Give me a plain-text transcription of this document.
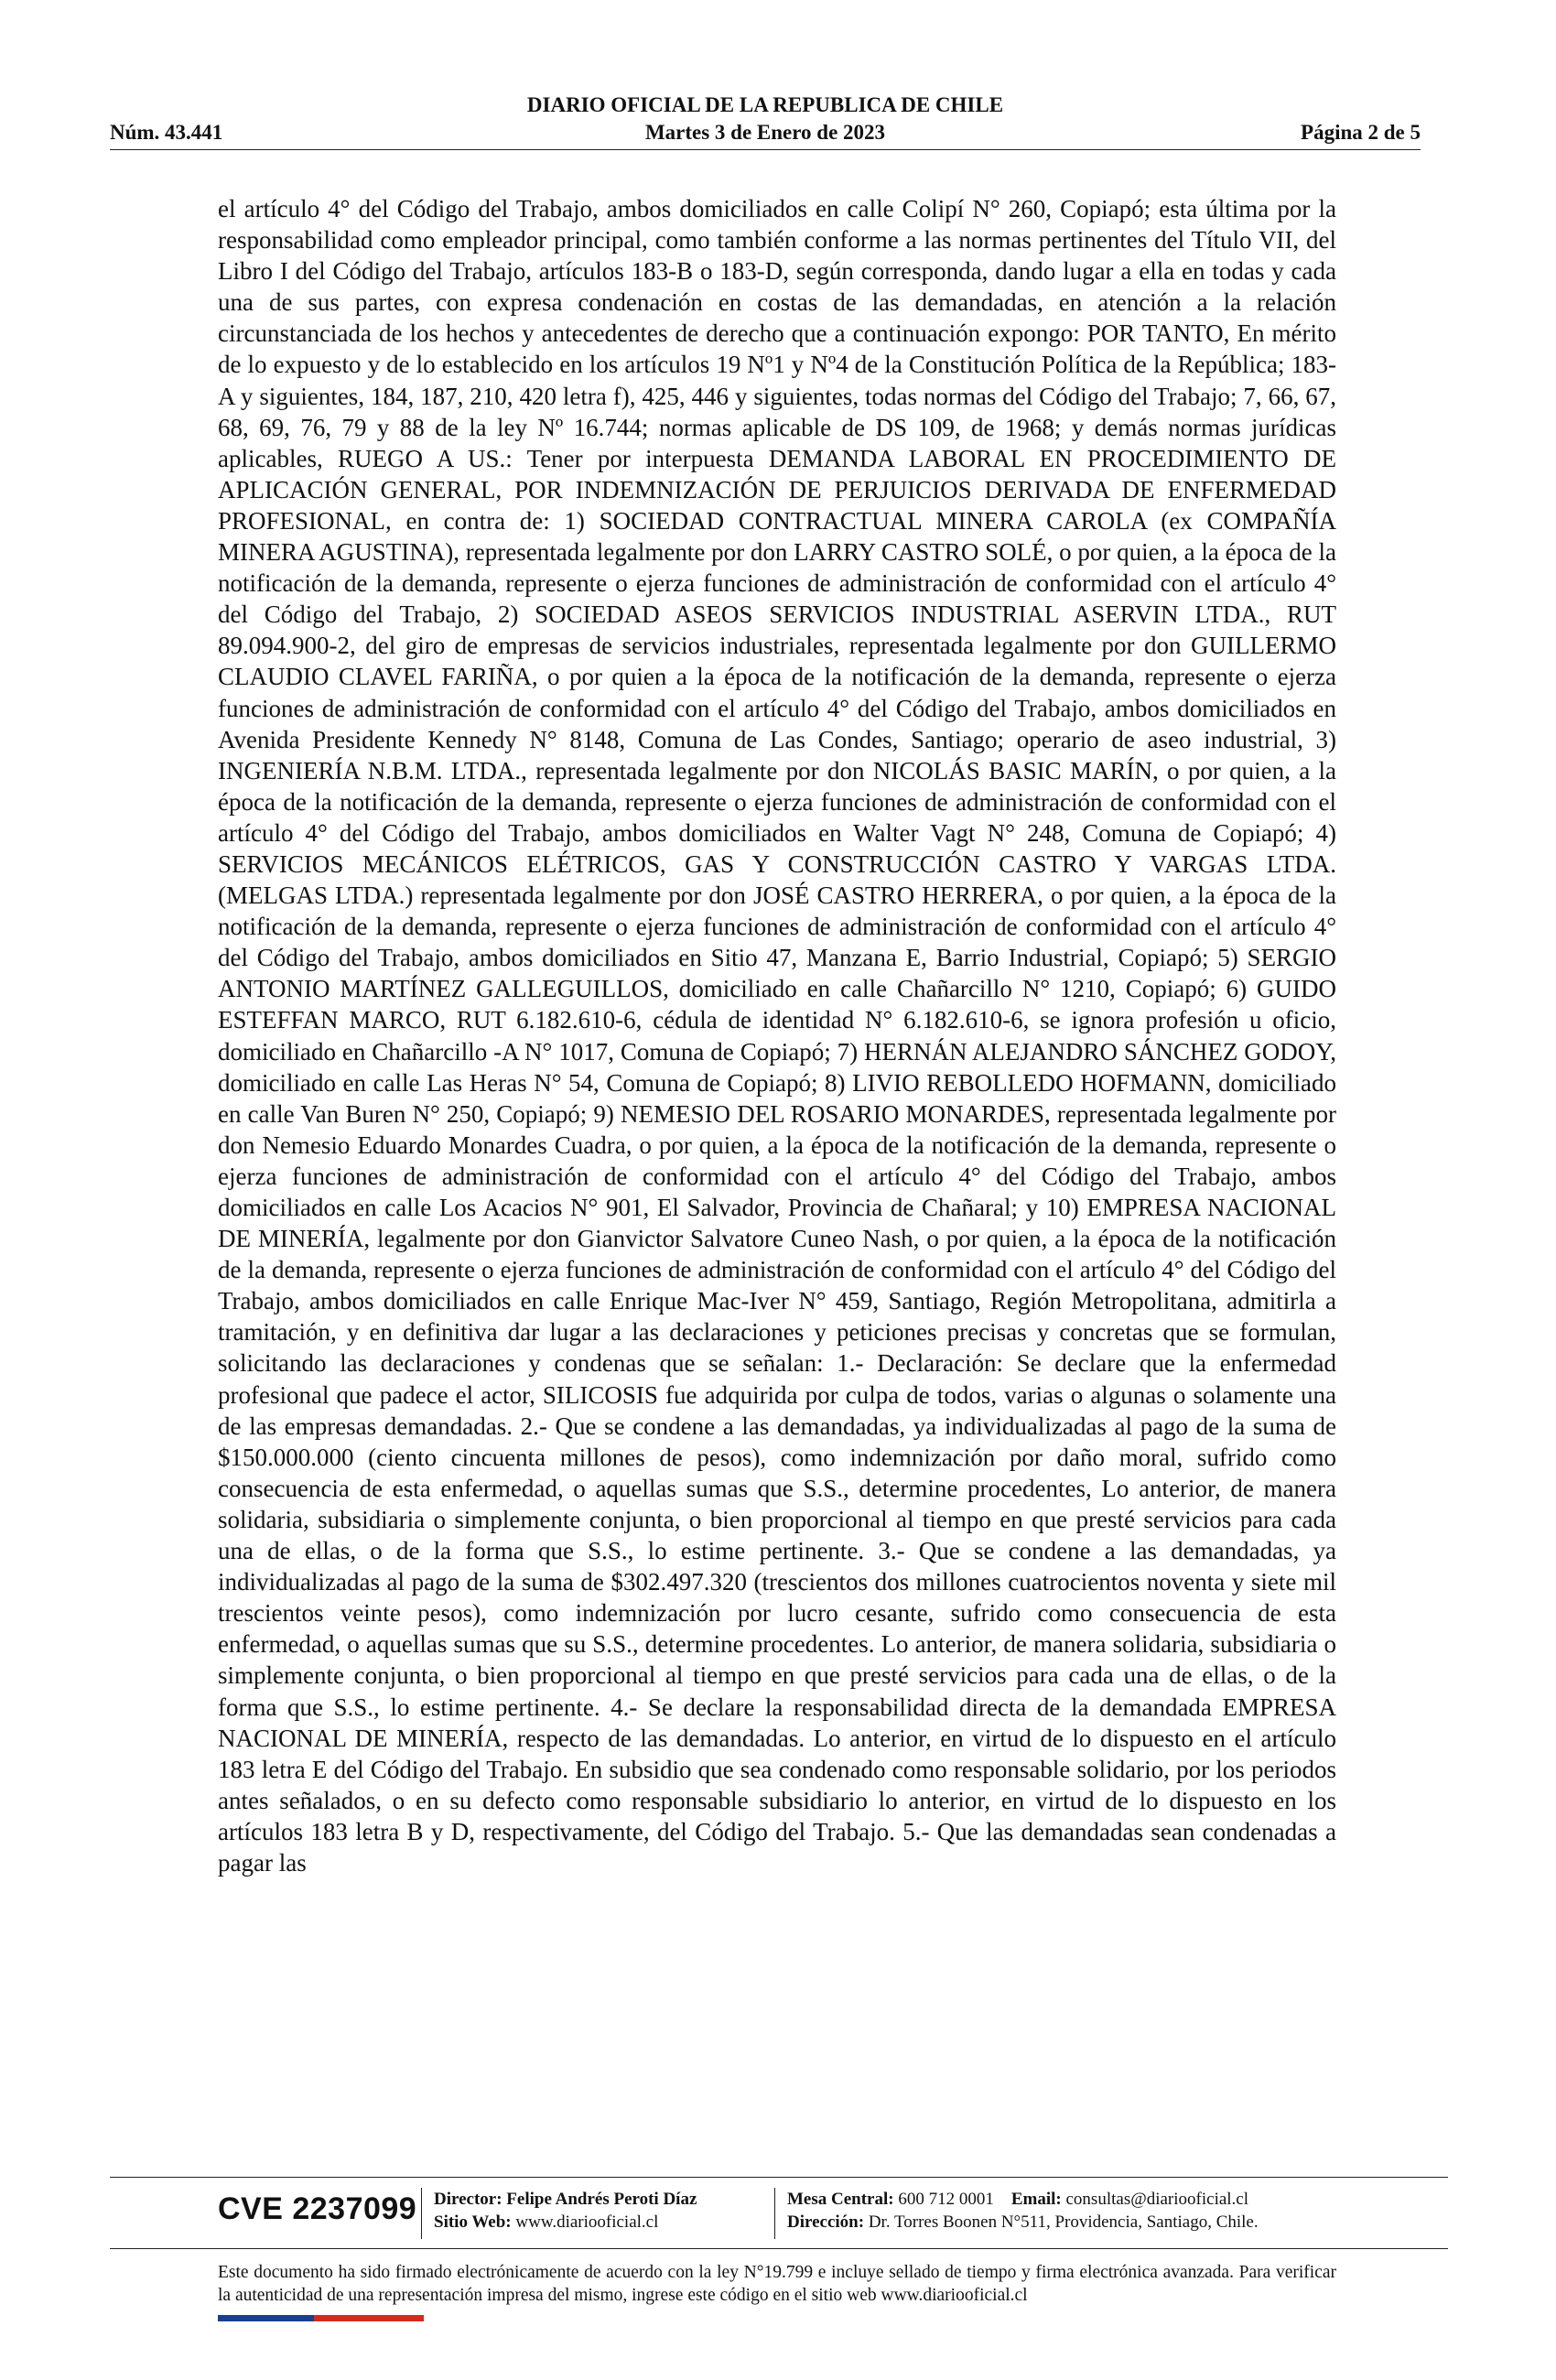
DIARIO OFICIAL DE LA REPUBLICA DE CHILE
Núm. 43.441	Martes 3 de Enero de 2023	Página 2 de 5
el artículo 4° del Código del Trabajo, ambos domiciliados en calle Colipí N° 260, Copiapó; esta última por la responsabilidad como empleador principal, como también conforme a las normas pertinentes del Título VII, del Libro I del Código del Trabajo, artículos 183-B o 183-D, según corresponda, dando lugar a ella en todas y cada una de sus partes, con expresa condenación en costas de las demandadas, en atención a la relación circunstanciada de los hechos y antecedentes de derecho que a continuación expongo: POR TANTO, En mérito de lo expuesto y de lo establecido en los artículos 19 Nº1 y Nº4 de la Constitución Política de la República; 183-A y siguientes, 184, 187, 210, 420 letra f), 425, 446 y siguientes, todas normas del Código del Trabajo; 7, 66, 67, 68, 69, 76, 79 y 88 de la ley Nº 16.744; normas aplicable de DS 109, de 1968; y demás normas jurídicas aplicables, RUEGO A US.: Tener por interpuesta DEMANDA LABORAL EN PROCEDIMIENTO DE APLICACIÓN GENERAL, POR INDEMNIZACIÓN DE PERJUICIOS DERIVADA DE ENFERMEDAD PROFESIONAL, en contra de: 1) SOCIEDAD CONTRACTUAL MINERA CAROLA (ex COMPAÑÍA MINERA AGUSTINA), representada legalmente por don LARRY CASTRO SOLÉ, o por quien, a la época de la notificación de la demanda, represente o ejerza funciones de administración de conformidad con el artículo 4° del Código del Trabajo, 2) SOCIEDAD ASEOS SERVICIOS INDUSTRIAL ASERVIN LTDA., RUT 89.094.900-2, del giro de empresas de servicios industriales, representada legalmente por don GUILLERMO CLAUDIO CLAVEL FARIÑA, o por quien a la época de la notificación de la demanda, represente o ejerza funciones de administración de conformidad con el artículo 4° del Código del Trabajo, ambos domiciliados en Avenida Presidente Kennedy N° 8148, Comuna de Las Condes, Santiago; operario de aseo industrial, 3) INGENIERÍA N.B.M. LTDA., representada legalmente por don NICOLÁS BASIC MARÍN, o por quien, a la época de la notificación de la demanda, represente o ejerza funciones de administración de conformidad con el artículo 4° del Código del Trabajo, ambos domiciliados en Walter Vagt N° 248, Comuna de Copiapó; 4) SERVICIOS MECÁNICOS ELÉTRICOS, GAS Y CONSTRUCCIÓN CASTRO Y VARGAS LTDA. (MELGAS LTDA.) representada legalmente por don JOSÉ CASTRO HERRERA, o por quien, a la época de la notificación de la demanda, represente o ejerza funciones de administración de conformidad con el artículo 4° del Código del Trabajo, ambos domiciliados en Sitio 47, Manzana E, Barrio Industrial, Copiapó; 5) SERGIO ANTONIO MARTÍNEZ GALLEGUILLOS, domiciliado en calle Chañarcillo N° 1210, Copiapó; 6) GUIDO ESTEFFAN MARCO, RUT 6.182.610-6, cédula de identidad N° 6.182.610-6, se ignora profesión u oficio, domiciliado en Chañarcillo -A N° 1017, Comuna de Copiapó; 7) HERNÁN ALEJANDRO SÁNCHEZ GODOY, domiciliado en calle Las Heras N° 54, Comuna de Copiapó; 8) LIVIO REBOLLEDO HOFMANN, domiciliado en calle Van Buren N° 250, Copiapó; 9) NEMESIO DEL ROSARIO MONARDES, representada legalmente por don Nemesio Eduardo Monardes Cuadra, o por quien, a la época de la notificación de la demanda, represente o ejerza funciones de administración de conformidad con el artículo 4° del Código del Trabajo, ambos domiciliados en calle Los Acacios N° 901, El Salvador, Provincia de Chañaral; y 10) EMPRESA NACIONAL DE MINERÍA, legalmente por don Gianvictor Salvatore Cuneo Nash, o por quien, a la época de la notificación de la demanda, represente o ejerza funciones de administración de conformidad con el artículo 4° del Código del Trabajo, ambos domiciliados en calle Enrique Mac-Iver N° 459, Santiago, Región Metropolitana, admitirla a tramitación, y en definitiva dar lugar a las declaraciones y peticiones precisas y concretas que se formulan, solicitando las declaraciones y condenas que se señalan: 1.- Declaración: Se declare que la enfermedad profesional que padece el actor, SILICOSIS fue adquirida por culpa de todos, varias o algunas o solamente una de las empresas demandadas. 2.- Que se condene a las demandadas, ya individualizadas al pago de la suma de $150.000.000 (ciento cincuenta millones de pesos), como indemnización por daño moral, sufrido como consecuencia de esta enfermedad, o aquellas sumas que S.S., determine procedentes, Lo anterior, de manera solidaria, subsidiaria o simplemente conjunta, o bien proporcional al tiempo en que presté servicios para cada una de ellas, o de la forma que S.S., lo estime pertinente. 3.- Que se condene a las demandadas, ya individualizadas al pago de la suma de $302.497.320 (trescientos dos millones cuatrocientos noventa y siete mil trescientos veinte pesos), como indemnización por lucro cesante, sufrido como consecuencia de esta enfermedad, o aquellas sumas que su S.S., determine procedentes. Lo anterior, de manera solidaria, subsidiaria o simplemente conjunta, o bien proporcional al tiempo en que presté servicios para cada una de ellas, o de la forma que S.S., lo estime pertinente. 4.- Se declare la responsabilidad directa de la demandada EMPRESA NACIONAL DE MINERÍA, respecto de las demandadas. Lo anterior, en virtud de lo dispuesto en el artículo 183 letra E del Código del Trabajo. En subsidio que sea condenado como responsable solidario, por los periodos antes señalados, o en su defecto como responsable subsidiario lo anterior, en virtud de lo dispuesto en los artículos 183 letra B y D, respectivamente, del Código del Trabajo. 5.- Que las demandadas sean condenadas a pagar las
CVE 2237099 Director: Felipe Andrés Peroti Díaz
Sitio Web: www.diariooficial.cl
Mesa Central: 600 712 0001 Email: consultas@diariooficial.cl
Dirección: Dr. Torres Boonen N°511, Providencia, Santiago, Chile.
Este documento ha sido firmado electrónicamente de acuerdo con la ley N°19.799 e incluye sellado de tiempo y firma electrónica avanzada. Para verificar la autenticidad de una representación impresa del mismo, ingrese este código en el sitio web www.diariooficial.cl
